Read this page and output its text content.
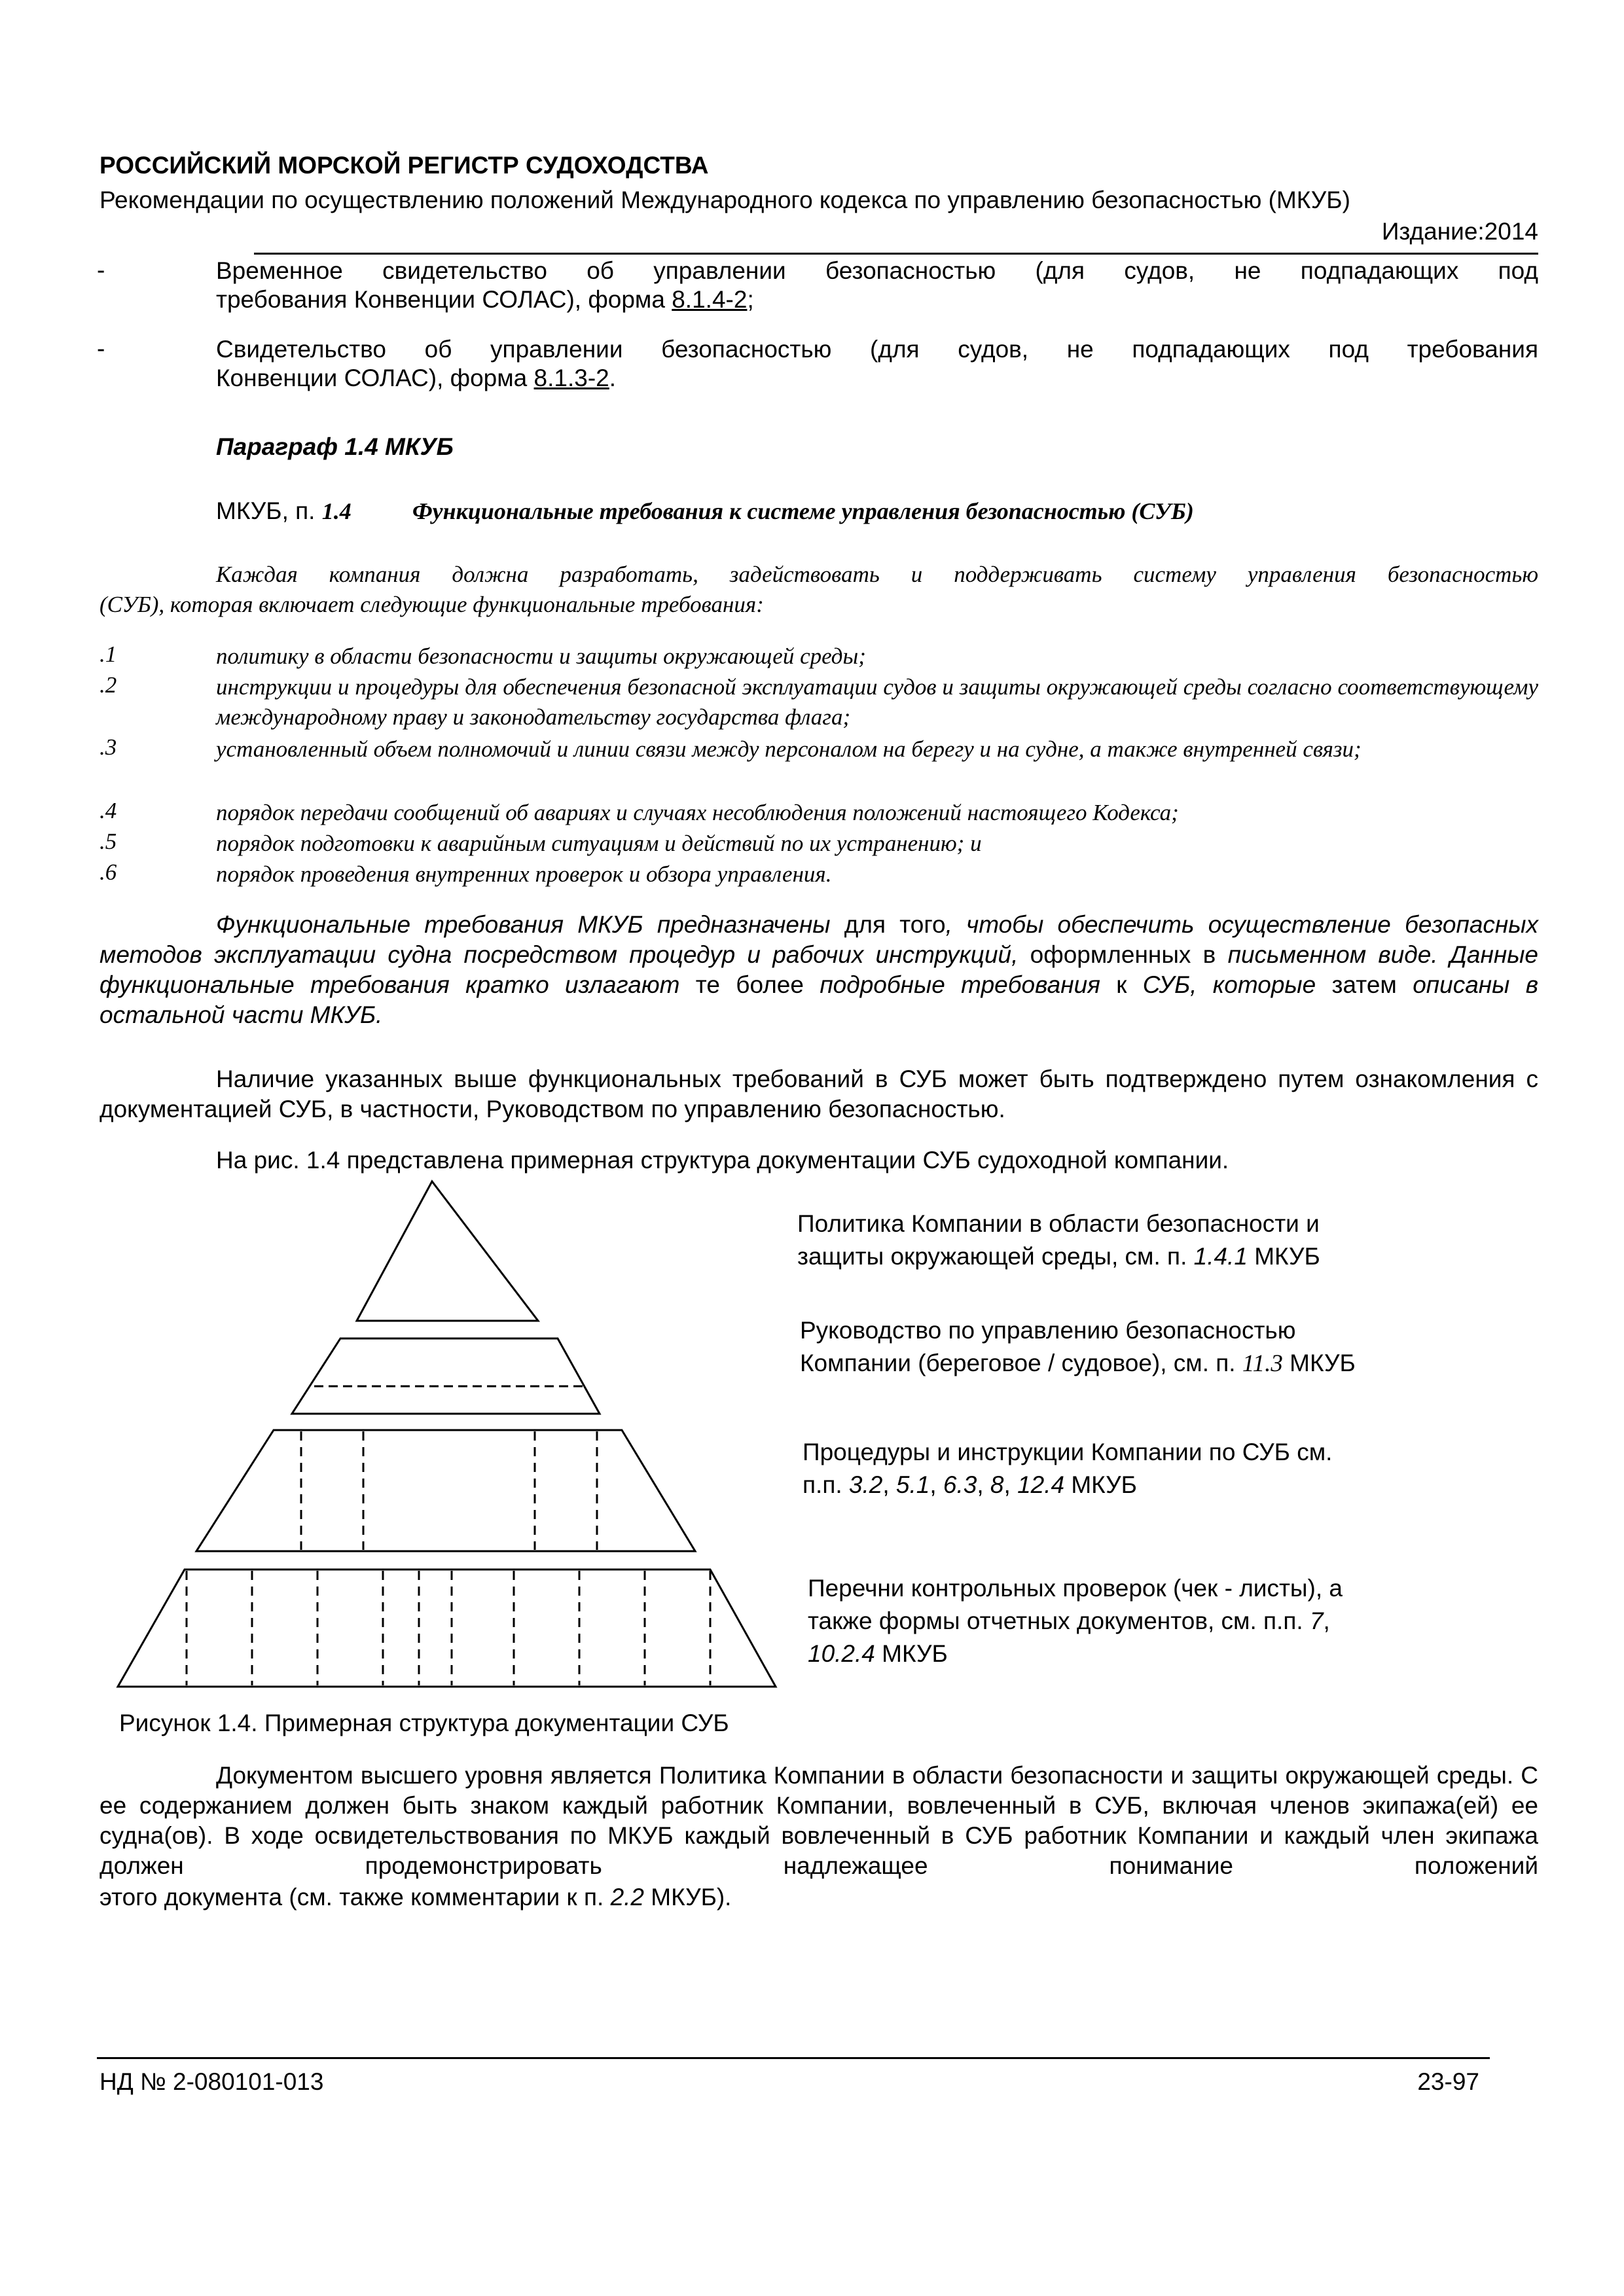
РОССИЙСКИЙ МОРСКОЙ РЕГИСТР СУДОХОДСТВА
Рекомендации по осуществлению положений Международного кодекса по управлению безопасностью (МКУБ)
Издание:2014
-	Временное свидетельство об управлении безопасностью (для судов, не подпадающих под
требования Конвенции СОЛАС), форма 8.1.4-2;
-	Свидетельство об управлении безопасностью (для судов, не подпадающих под требования
Конвенции СОЛАС), форма 8.1.3-2.
Параграф 1.4 МКУБ
МКУБ, п. 1.4	Функциональные требования к системе управления безопасностью (СУБ)
Каждая компания должна разработать, задействовать и поддерживать систему управления безопасностью
(СУБ), которая включает следующие функциональные требования:
.1	политику в области безопасности и защиты окружающей среды;
.2	инструкции и процедуры для обеспечения безопасной эксплуатации судов и защиты окружающей среды согласно соответствующему международному праву и законодательству государства флага;
.3	установленный объем полномочий и линии связи между персоналом на берегу и на судне, а также внутренней связи;
.4	порядок передачи сообщений об авариях и случаях несоблюдения положений настоящего Кодекса;
.5	порядок подготовки к аварийным ситуациям и действий по их устранению; и
.6	порядок проведения внутренних проверок и обзора управления.
Функциональные требования МКУБ предназначены для того, чтобы обеспечить осуществление безопасных методов эксплуатации судна посредством процедур и рабочих инструкций, оформленных в письменном виде. Данные функциональные требования кратко излагают те более подробные требования к СУБ, которые затем описаны в остальной части МКУБ.
Наличие указанных выше функциональных требований в СУБ может быть подтверждено путем ознакомления с документацией СУБ, в частности, Руководством по управлению безопасностью.
На рис. 1.4 представлена примерная структура документации СУБ судоходной компании.
Политика Компании в области безопасности и
защиты окружающей среды, см. п. 1.4.1 МКУБ
Руководство по управлению безопасностью
Компании (береговое / судовое), см. п. 11.3 МКУБ
Процедуры и инструкции Компании по СУБ см.
п.п. 3.2, 5.1, 6.3, 8, 12.4 МКУБ
Перечни контрольных проверок (чек - листы), а
также формы отчетных документов, см. п.п. 7,
10.2.4 МКУБ
Рисунок 1.4. Примерная структура документации СУБ
Документом высшего уровня является Политика Компании в области безопасности и защиты окружающей среды. С ее содержанием должен быть знаком каждый работник Компании, вовлеченный в СУБ, включая членов экипажа(ей) ее судна(ов). В ходе освидетельствования по МКУБ каждый вовлеченный в СУБ работник Компании и каждый член экипажа должен продемонстрировать надлежащее понимание положений
этого документа (см. также комментарии к п. 2.2 МКУБ).
НД № 2-080101-013	23-97
